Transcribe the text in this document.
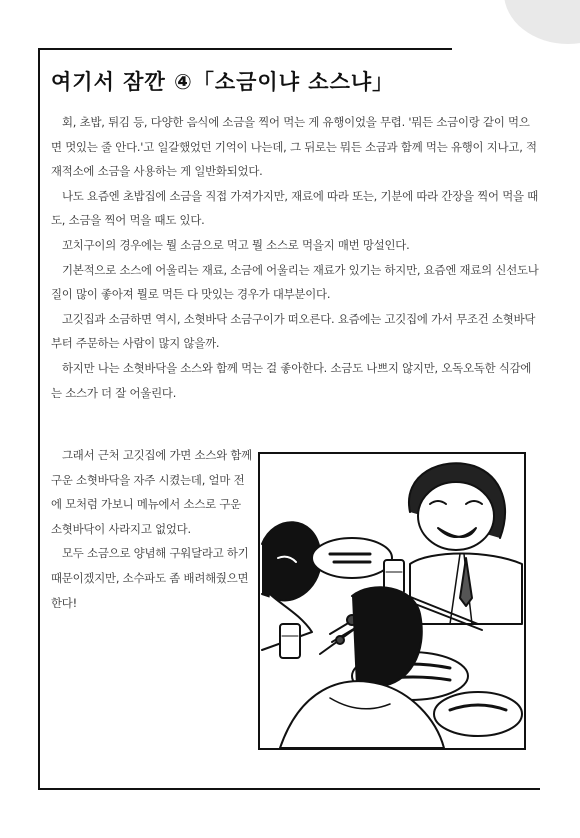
여기서 잠깐 ④「소금이냐 소스냐」

회, 초밥, 튀김 등, 다양한 음식에 소금을 찍어 먹는 게 유행이었을 무렵. '뭐든 소금이랑 같이 먹으면 멋있는 줄 안다.'고 일갈했었던 기억이 나는데, 그 뒤로는 뭐든 소금과 함께 먹는 유행이 지나고, 적재적소에 소금을 사용하는 게 일반화되었다.

나도 요즘엔 초밥집에 소금을 직접 가져가지만, 재료에 따라 또는, 기분에 따라 간장을 찍어 먹을 때도, 소금을 찍어 먹을 때도 있다.

꼬치구이의 경우에는 뭘 소금으로 먹고 뭘 소스로 먹을지 매번 망설인다.

기본적으로 소스에 어울리는 재료, 소금에 어울리는 재료가 있기는 하지만, 요즘엔 재료의 신선도나 질이 많이 좋아져 뭘로 먹든 다 맛있는 경우가 대부분이다.

고깃집과 소금하면 역시, 소혓바닥 소금구이가 떠오른다. 요즘에는 고깃집에 가서 무조건 소혓바닥부터 주문하는 사람이 많지 않을까.

하지만 나는 소혓바닥을 소스와 함께 먹는 걸 좋아한다. 소금도 나쁘지 않지만, 오독오독한 식감에는 소스가 더 잘 어울린다.

그래서 근처 고깃집에 가면 소스와 함께 구운 소혓바닥을 자주 시켰는데, 얼마 전에 모처럼 가보니 메뉴에서 소스로 구운 소혓바닥이 사라지고 없었다.

모두 소금으로 양념해 구워달라고 하기 때문이겠지만, 소수파도 좀 배려해줬으면 한다!
